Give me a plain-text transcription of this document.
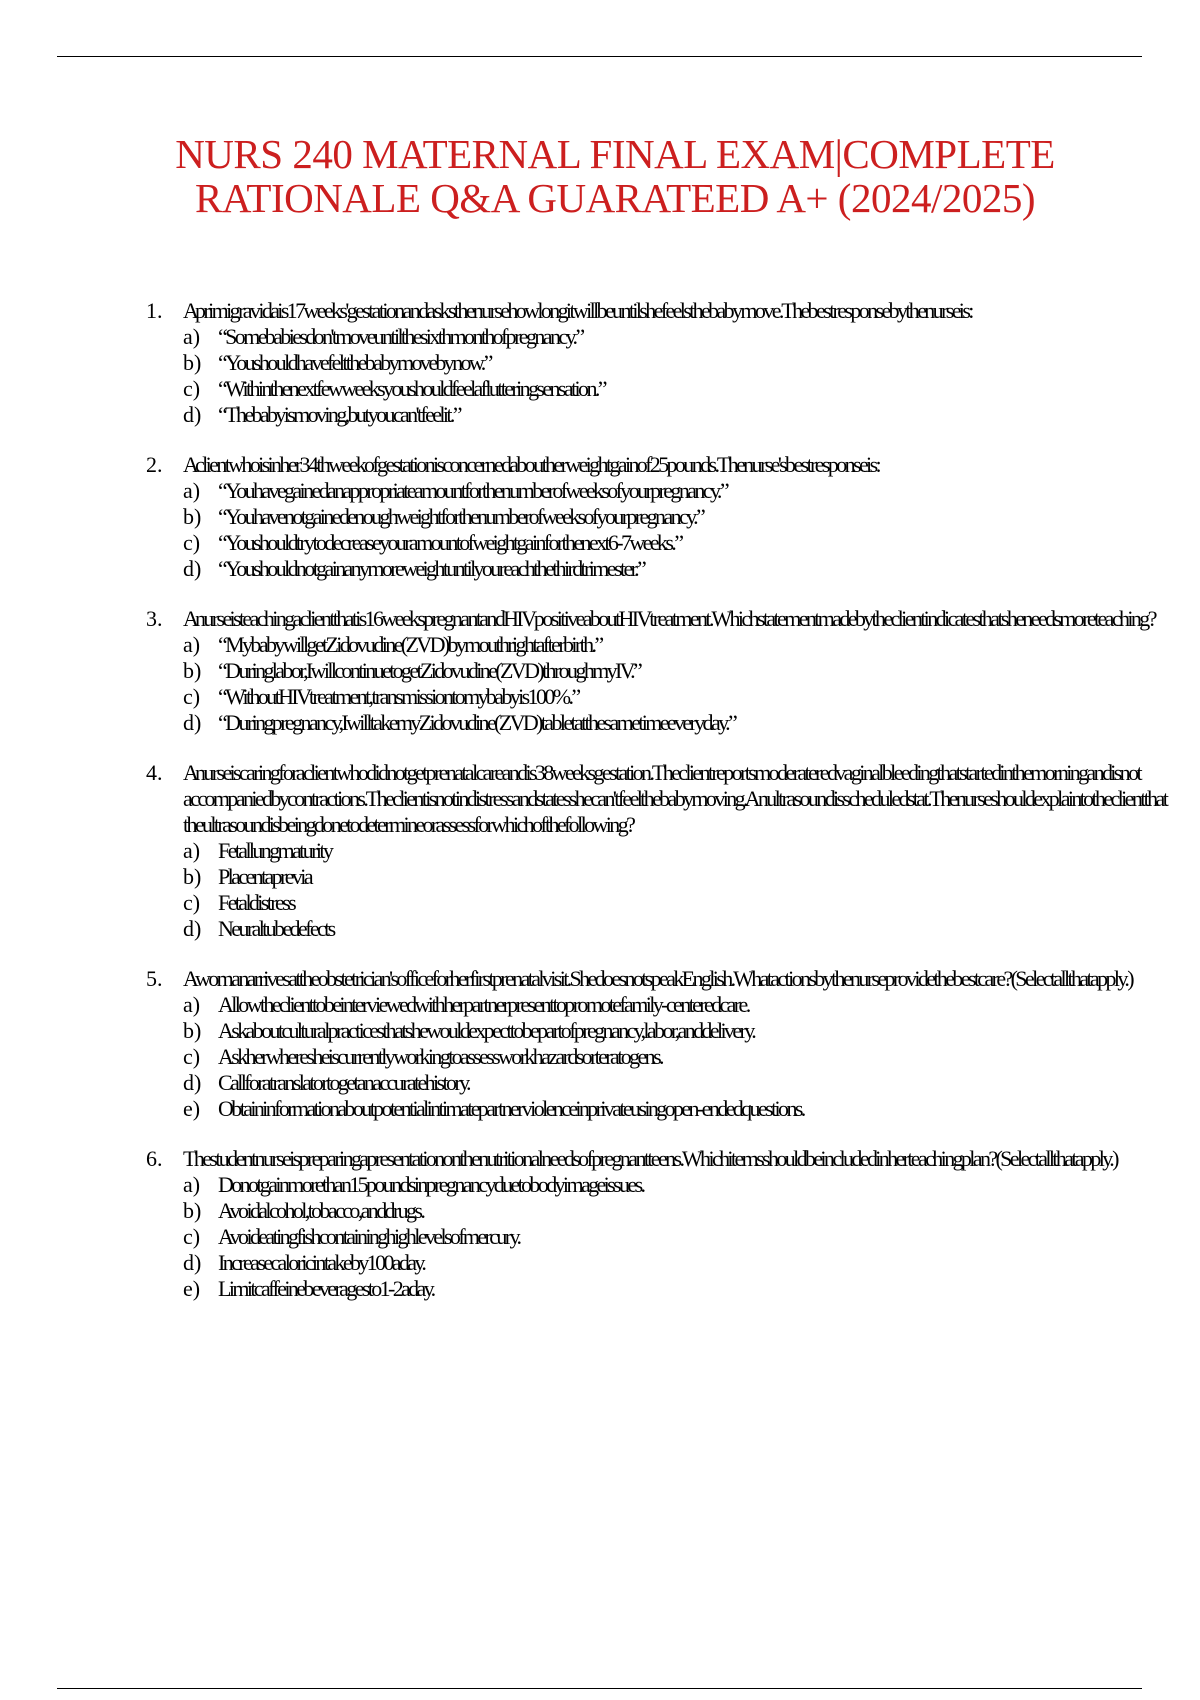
NURS 240 MATERNAL FINAL EXAM|COMPLETE
RATIONALE Q&A GUARATEED A+ (2024/2025)
1. A primigravida is 17 weeks' gestation and asks the nurse how long it will be until she feels the baby move. The best response by the nurse is:
a) “Some babies don't move until the sixth month of pregnancy.”
b) “You should have felt the baby move by now.”
c) “Within the next few weeks you should feel a fluttering sensation.”
d) “The baby is moving, but you can't feel it.”
2. A client who is in her 34th week of gestation is concerned about her weight gain of 25 pounds. The nurse's best response is:
a) “You have gained an appropriate amount for the number of weeks of your pregnancy.”
b) “You have not gained enough weight for the number of weeks of your pregnancy.”
c) “You should try to decrease your amount of weight gain for the next 6-7 weeks.”
d) “You should not gain any more weight until you reach the third trimester.”
3. A nurse is teaching a client that is 16 weeks pregnant and HIV positive about HIV treatment. Which statement made by the client indicates that she needs more teaching?
a) “My baby will get Zidovudine (ZVD) by mouth right after birth.”
b) “During labor, I will continue to get Zidovudine (ZVD) through my IV.”
c) “Without HIV treatment, transmission to my baby is 100%.”
d) “During pregnancy, I will take my Zidovudine (ZVD) tablet at the same time every day.”
4. A nurse is caring for a client who did not get prenatal care and is 38 weeks gestation. The client reports moderate red vaginal bleeding that started in the morning and is not accompanied by contractions. The client is not in distress and states she can't feel the baby moving. An ultrasound is scheduled stat. The nurse should explain to the client that the ultrasound is being done to determine or assess for which of the following?
a) Fetal lung maturity
b) Placenta previa
c) Fetal distress
d) Neural tube defects
5. A woman arrives at the obstetrician's office for her first prenatal visit. She does not speak English. What actions by the nurse provide the best care? (Select all that apply.)
a) Allow the client to be interviewed with her partner present to promote family-centered care.
b) Ask about cultural practices that she would expect to be part of pregnancy, labor, and delivery.
c) Ask her where she is currently working to assess work hazards or teratogens.
d) Call for a translator to get an accurate history.
e) Obtain information about potential intimate partner violence in private using open-ended questions.
6. The student nurse is preparing a presentation on the nutritional needs of pregnant teens. Which items should be included in her teaching plan? (Select all that apply.)
a) Do not gain more than 15 pounds in pregnancy due to body image issues.
b) Avoid alcohol, tobacco, and drugs.
c) Avoid eating fish containing high levels of mercury.
d) Increase caloric intake by 100 a day.
e) Limit caffeine beverages to 1-2 a day.
